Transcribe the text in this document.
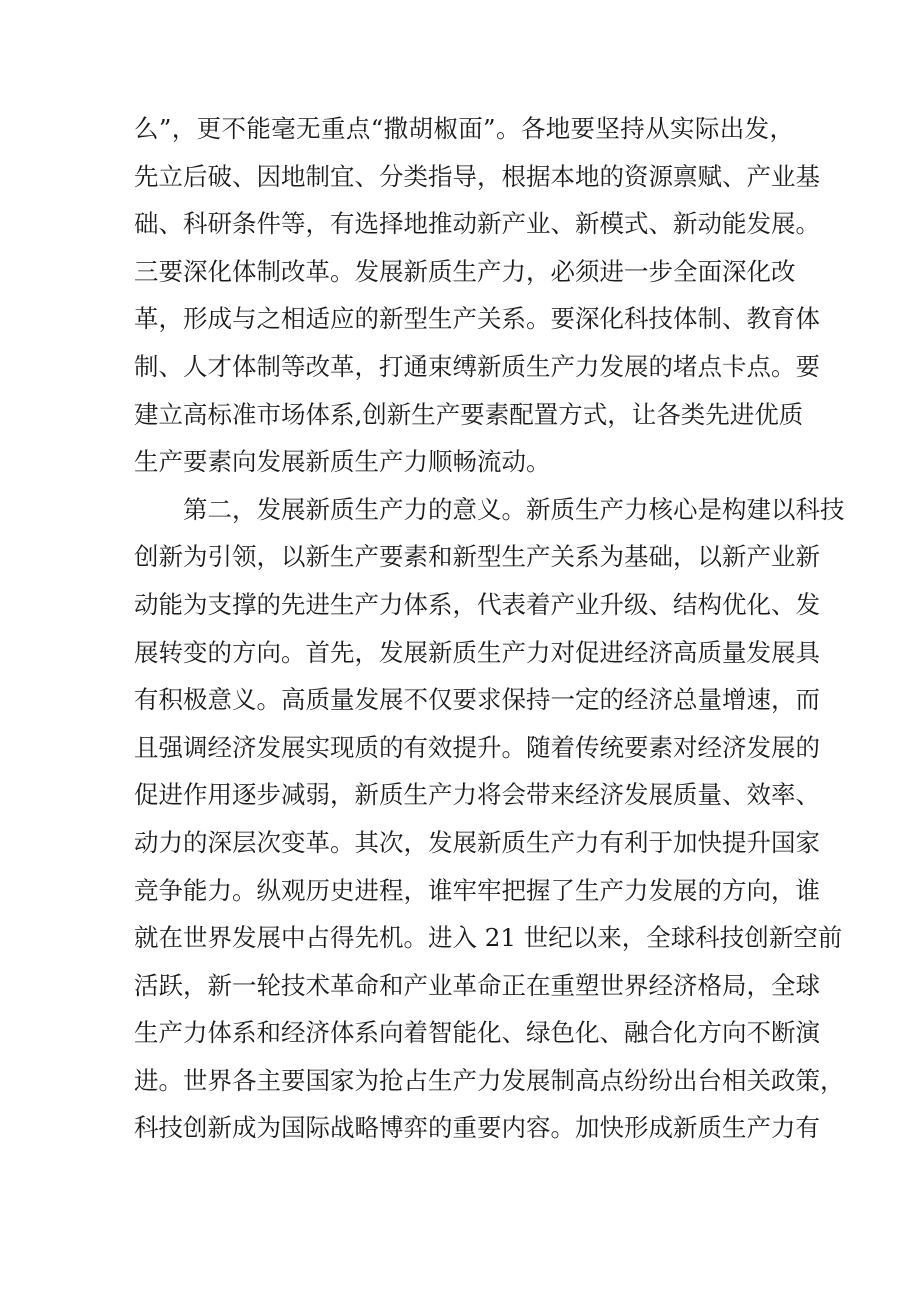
么”，更不能毫无重点“撒胡椒面”。各地要坚持从实际出发，
先立后破、因地制宜、分类指导，根据本地的资源禀赋、产业基
础、科研条件等，有选择地推动新产业、新模式、新动能发展。
三要深化体制改革。发展新质生产力，必须进一步全面深化改
革，形成与之相适应的新型生产关系。要深化科技体制、教育体
制、人才体制等改革，打通束缚新质生产力发展的堵点卡点。要
建立高标准市场体系,创新生产要素配置方式，让各类先进优质
生产要素向发展新质生产力顺畅流动。
第二，发展新质生产力的意义。新质生产力核心是构建以科技
创新为引领，以新生产要素和新型生产关系为基础，以新产业新
动能为支撑的先进生产力体系，代表着产业升级、结构优化、发
展转变的方向。首先，发展新质生产力对促进经济高质量发展具
有积极意义。高质量发展不仅要求保持一定的经济总量增速，而
且强调经济发展实现质的有效提升。随着传统要素对经济发展的
促进作用逐步减弱，新质生产力将会带来经济发展质量、效率、
动力的深层次变革。其次，发展新质生产力有利于加快提升国家
竞争能力。纵观历史进程，谁牢牢把握了生产力发展的方向，谁
就在世界发展中占得先机。进入 21 世纪以来，全球科技创新空前
活跃，新一轮技术革命和产业革命正在重塑世界经济格局，全球
生产力体系和经济体系向着智能化、绿色化、融合化方向不断演
进。世界各主要国家为抢占生产力发展制高点纷纷出台相关政策，
科技创新成为国际战略博弈的重要内容。加快形成新质生产力有
